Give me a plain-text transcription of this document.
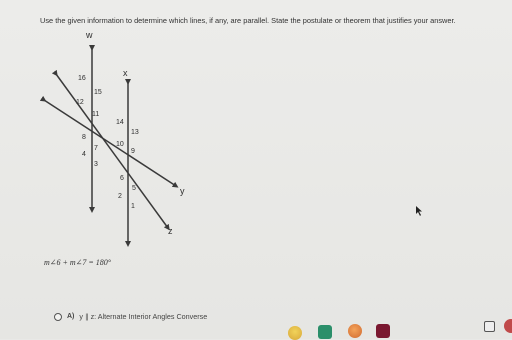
Use the given information to determine which lines, if any, are parallel. State the postulate or theorem that justifies your answer.
w
x
y
z
16
15
12
11
14
13
8
10
7
4	9
3
6
5
2
1
m∠6 + m∠7 = 180°
A) y ∥ z: Alternate Interior Angles Converse
